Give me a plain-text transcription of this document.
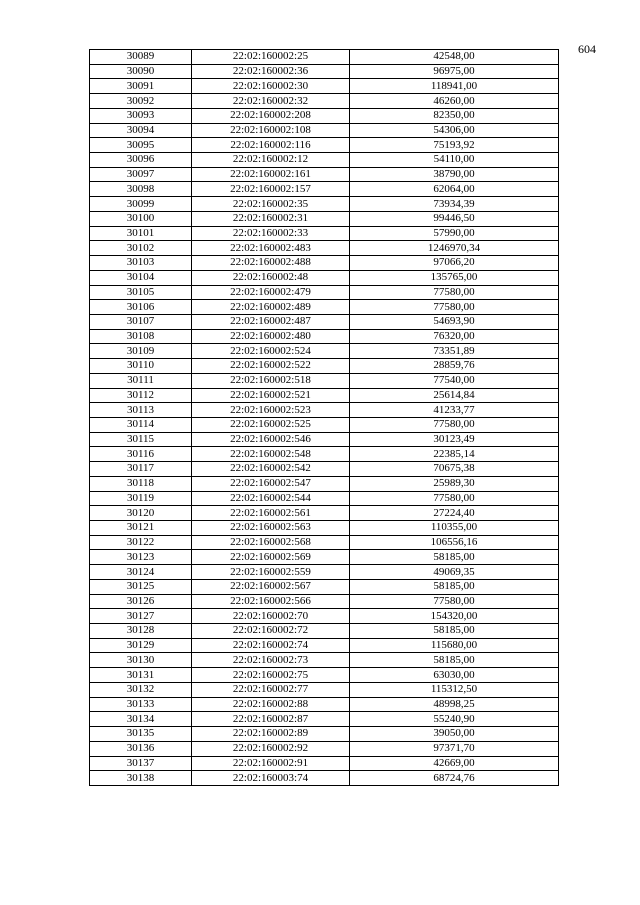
604
30089	22:02:160002:25	42548,00
30090	22:02:160002:36	96975,00
30091	22:02:160002:30	118941,00
30092	22:02:160002:32	46260,00
30093	22:02:160002:208	82350,00
30094	22:02:160002:108	54306,00
30095	22:02:160002:116	75193,92
30096	22:02:160002:12	54110,00
30097	22:02:160002:161	38790,00
30098	22:02:160002:157	62064,00
30099	22:02:160002:35	73934,39
30100	22:02:160002:31	99446,50
30101	22:02:160002:33	57990,00
30102	22:02:160002:483	1246970,34
30103	22:02:160002:488	97066,20
30104	22:02:160002:48	135765,00
30105	22:02:160002:479	77580,00
30106	22:02:160002:489	77580,00
30107	22:02:160002:487	54693,90
30108	22:02:160002:480	76320,00
30109	22:02:160002:524	73351,89
30110	22:02:160002:522	28859,76
30111	22:02:160002:518	77540,00
30112	22:02:160002:521	25614,84
30113	22:02:160002:523	41233,77
30114	22:02:160002:525	77580,00
30115	22:02:160002:546	30123,49
30116	22:02:160002:548	22385,14
30117	22:02:160002:542	70675,38
30118	22:02:160002:547	25989,30
30119	22:02:160002:544	77580,00
30120	22:02:160002:561	27224,40
30121	22:02:160002:563	110355,00
30122	22:02:160002:568	106556,16
30123	22:02:160002:569	58185,00
30124	22:02:160002:559	49069,35
30125	22:02:160002:567	58185,00
30126	22:02:160002:566	77580,00
30127	22:02:160002:70	154320,00
30128	22:02:160002:72	58185,00
30129	22:02:160002:74	115680,00
30130	22:02:160002:73	58185,00
30131	22:02:160002:75	63030,00
30132	22:02:160002:77	115312,50
30133	22:02:160002:88	48998,25
30134	22:02:160002:87	55240,90
30135	22:02:160002:89	39050,00
30136	22:02:160002:92	97371,70
30137	22:02:160002:91	42669,00
30138	22:02:160003:74	68724,76
